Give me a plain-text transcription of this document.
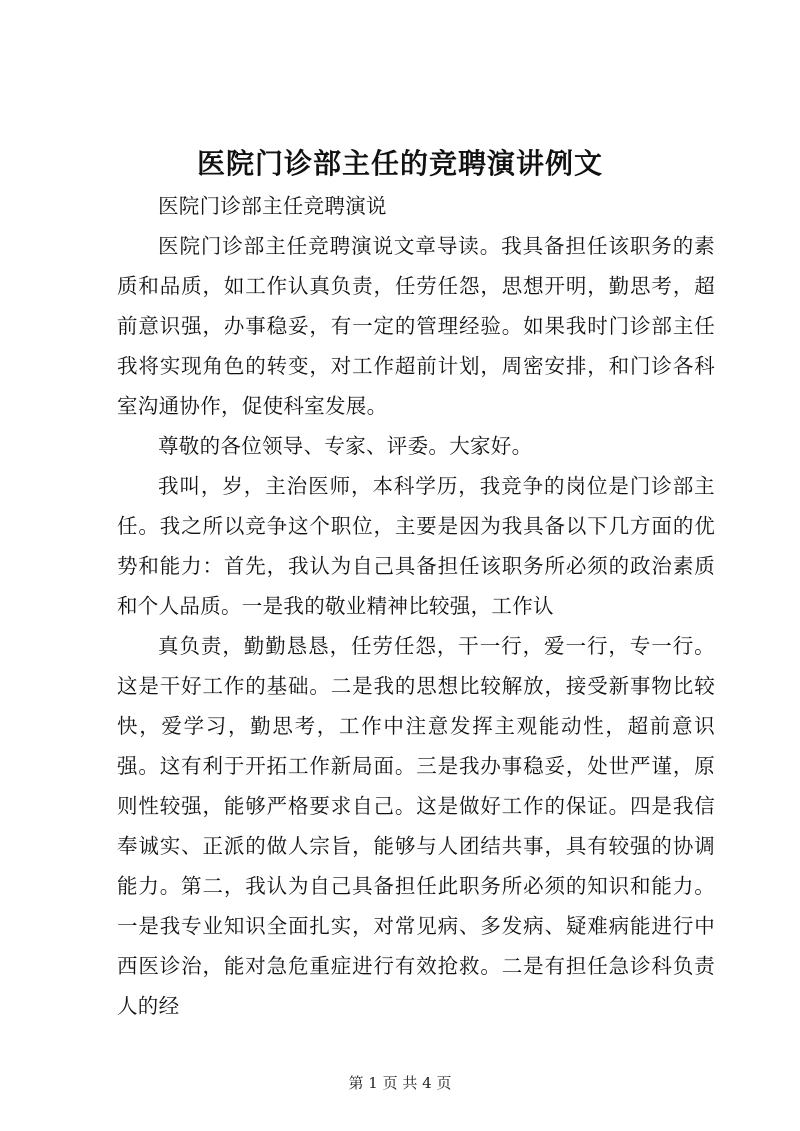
医院门诊部主任的竞聘演讲例文

医院门诊部主任竞聘演说

医院门诊部主任竞聘演说文章导读。我具备担任该职务的素质和品质，如工作认真负责，任劳任怨，思想开明，勤思考，超前意识强，办事稳妥，有一定的管理经验。如果我时门诊部主任我将实现角色的转变，对工作超前计划，周密安排，和门诊各科室沟通协作，促使科室发展。

尊敬的各位领导、专家、评委。大家好。

我叫，岁，主治医师，本科学历，我竞争的岗位是门诊部主任。我之所以竞争这个职位，主要是因为我具备以下几方面的优势和能力：首先，我认为自己具备担任该职务所必须的政治素质和个人品质。一是我的敬业精神比较强，工作认

真负责，勤勤恳恳，任劳任怨，干一行，爱一行，专一行。这是干好工作的基础。二是我的思想比较解放，接受新事物比较快，爱学习，勤思考，工作中注意发挥主观能动性，超前意识强。这有利于开拓工作新局面。三是我办事稳妥，处世严谨，原则性较强，能够严格要求自己。这是做好工作的保证。四是我信奉诚实、正派的做人宗旨，能够与人团结共事，具有较强的协调能力。第二，我认为自己具备担任此职务所必须的知识和能力。一是我专业知识全面扎实，对常见病、多发病、疑难病能进行中西医诊治，能对急危重症进行有效抢救。二是有担任急诊科负责人的经

第 1 页 共 4 页
